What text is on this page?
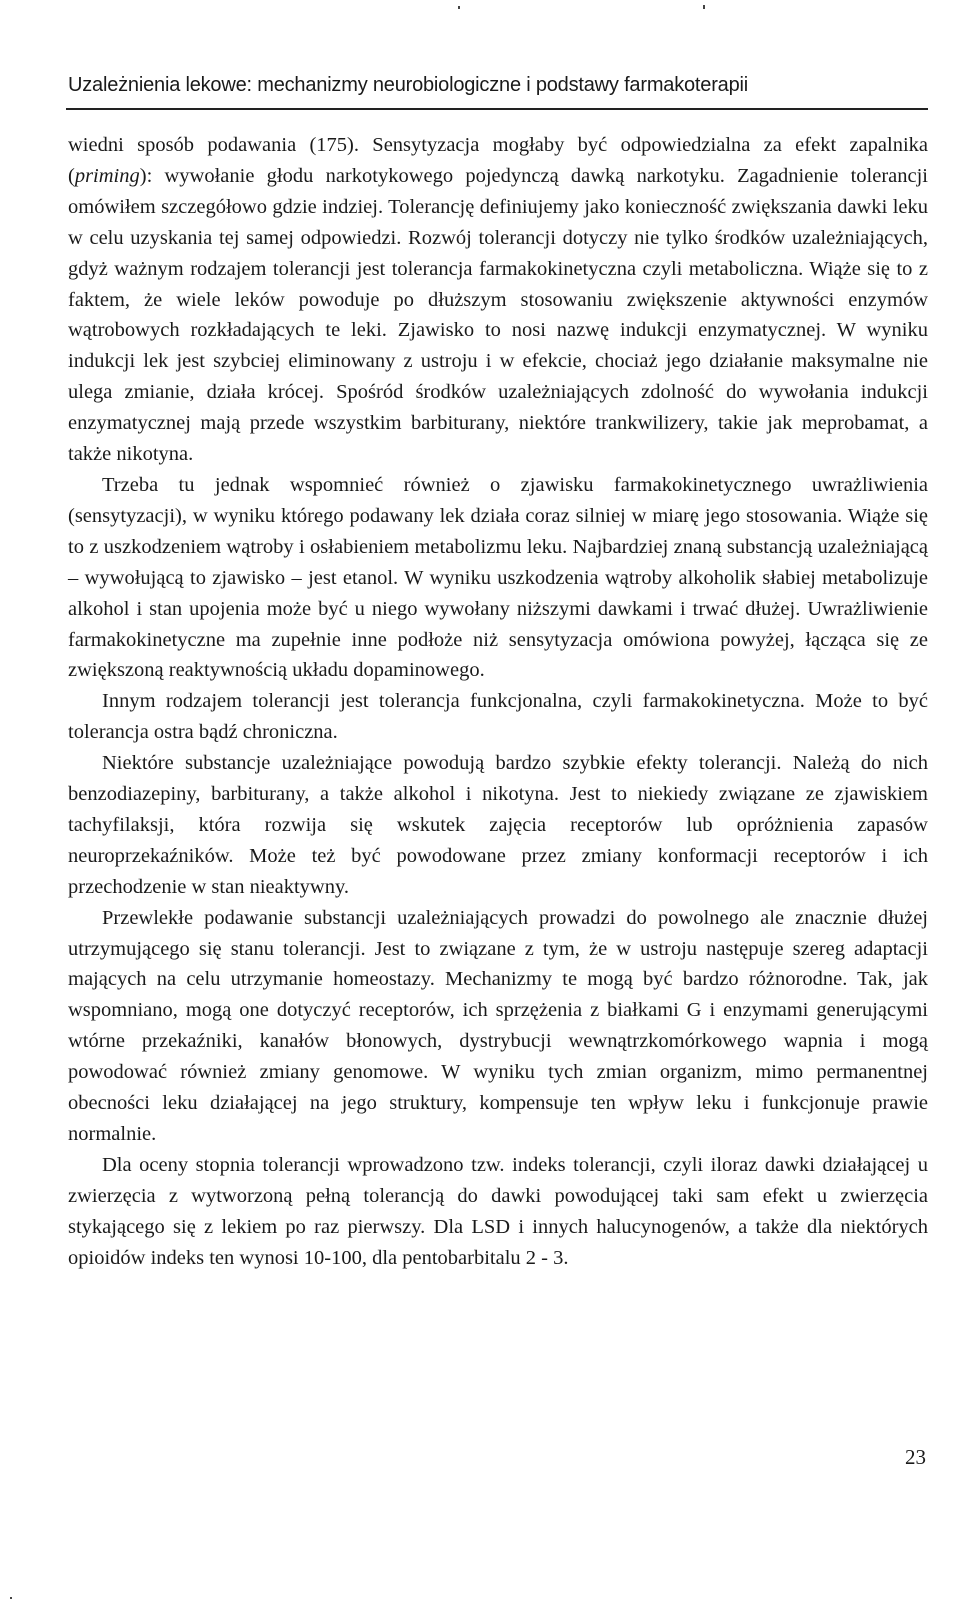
Uzależnienia lekowe: mechanizmy neurobiologiczne i podstawy farmakoterapii

wiedni sposób podawania (175). Sensytyzacja mogłaby być odpowiedzialna za efekt zapalnika (priming): wywołanie głodu narkotykowego pojedynczą dawką narkotyku. Zagadnienie tolerancji omówiłem szczegółowo gdzie indziej. Tolerancję definiujemy jako konieczność zwiększania dawki leku w celu uzyskania tej samej odpowiedzi. Rozwój tolerancji dotyczy nie tylko środków uzależniających, gdyż ważnym rodzajem tolerancji jest tolerancja farmakokinetyczna czyli metaboliczna. Wiąże się to z faktem, że wiele leków powoduje po dłuższym stosowaniu zwiększenie aktywności enzymów wątrobowych rozkładających te leki. Zjawisko to nosi nazwę indukcji enzymatycznej. W wyniku indukcji lek jest szybciej eliminowany z ustroju i w efekcie, chociaż jego działanie maksymalne nie ulega zmianie, działa krócej. Spośród środków uzależniających zdolność do wywołania indukcji enzymatycznej mają przede wszystkim barbiturany, niektóre trankwilizery, takie jak meprobamat, a także nikotyna.

Trzeba tu jednak wspomnieć również o zjawisku farmakokinetycznego uwrażliwienia (sensytyzacji), w wyniku którego podawany lek działa coraz silniej w miarę jego stosowania. Wiąże się to z uszkodzeniem wątroby i osłabieniem metabolizmu leku. Najbardziej znaną substancją uzależniającą – wywołującą to zjawisko – jest etanol. W wyniku uszkodzenia wątroby alkoholik słabiej metabolizuje alkohol i stan upojenia może być u niego wywołany niższymi dawkami i trwać dłużej. Uwrażliwienie farmakokinetyczne ma zupełnie inne podłoże niż sensytyzacja omówiona powyżej, łącząca się ze zwiększoną reaktywnością układu dopaminowego.

Innym rodzajem tolerancji jest tolerancja funkcjonalna, czyli farmakokinetyczna. Może to być tolerancja ostra bądź chroniczna.

Niektóre substancje uzależniające powodują bardzo szybkie efekty tolerancji. Należą do nich benzodiazepiny, barbiturany, a także alkohol i nikotyna. Jest to niekiedy związane ze zjawiskiem tachyfilaksji, która rozwija się wskutek zajęcia receptorów lub opróżnienia zapasów neuroprzekaźników. Może też być powodowane przez zmiany konformacji receptorów i ich przechodzenie w stan nieaktywny.

Przewlekłe podawanie substancji uzależniających prowadzi do powolnego ale znacznie dłużej utrzymującego się stanu tolerancji. Jest to związane z tym, że w ustroju następuje szereg adaptacji mających na celu utrzymanie homeostazy. Mechanizmy te mogą być bardzo różnorodne. Tak, jak wspomniano, mogą one dotyczyć receptorów, ich sprzężenia z białkami G i enzymami generującymi wtórne przekaźniki, kanałów błonowych, dystrybucji wewnątrzkomórkowego wapnia i mogą powodować również zmiany genomowe. W wyniku tych zmian organizm, mimo permanentnej obecności leku działającej na jego struktury, kompensuje ten wpływ leku i funkcjonuje prawie normalnie.

Dla oceny stopnia tolerancji wprowadzono tzw. indeks tolerancji, czyli iloraz dawki działającej u zwierzęcia z wytworzoną pełną tolerancją do dawki powodującej taki sam efekt u zwierzęcia stykającego się z lekiem po raz pierwszy. Dla LSD i innych halucynogenów, a także dla niektórych opioidów indeks ten wynosi 10-100, dla pentobarbitalu 2 - 3.

23
